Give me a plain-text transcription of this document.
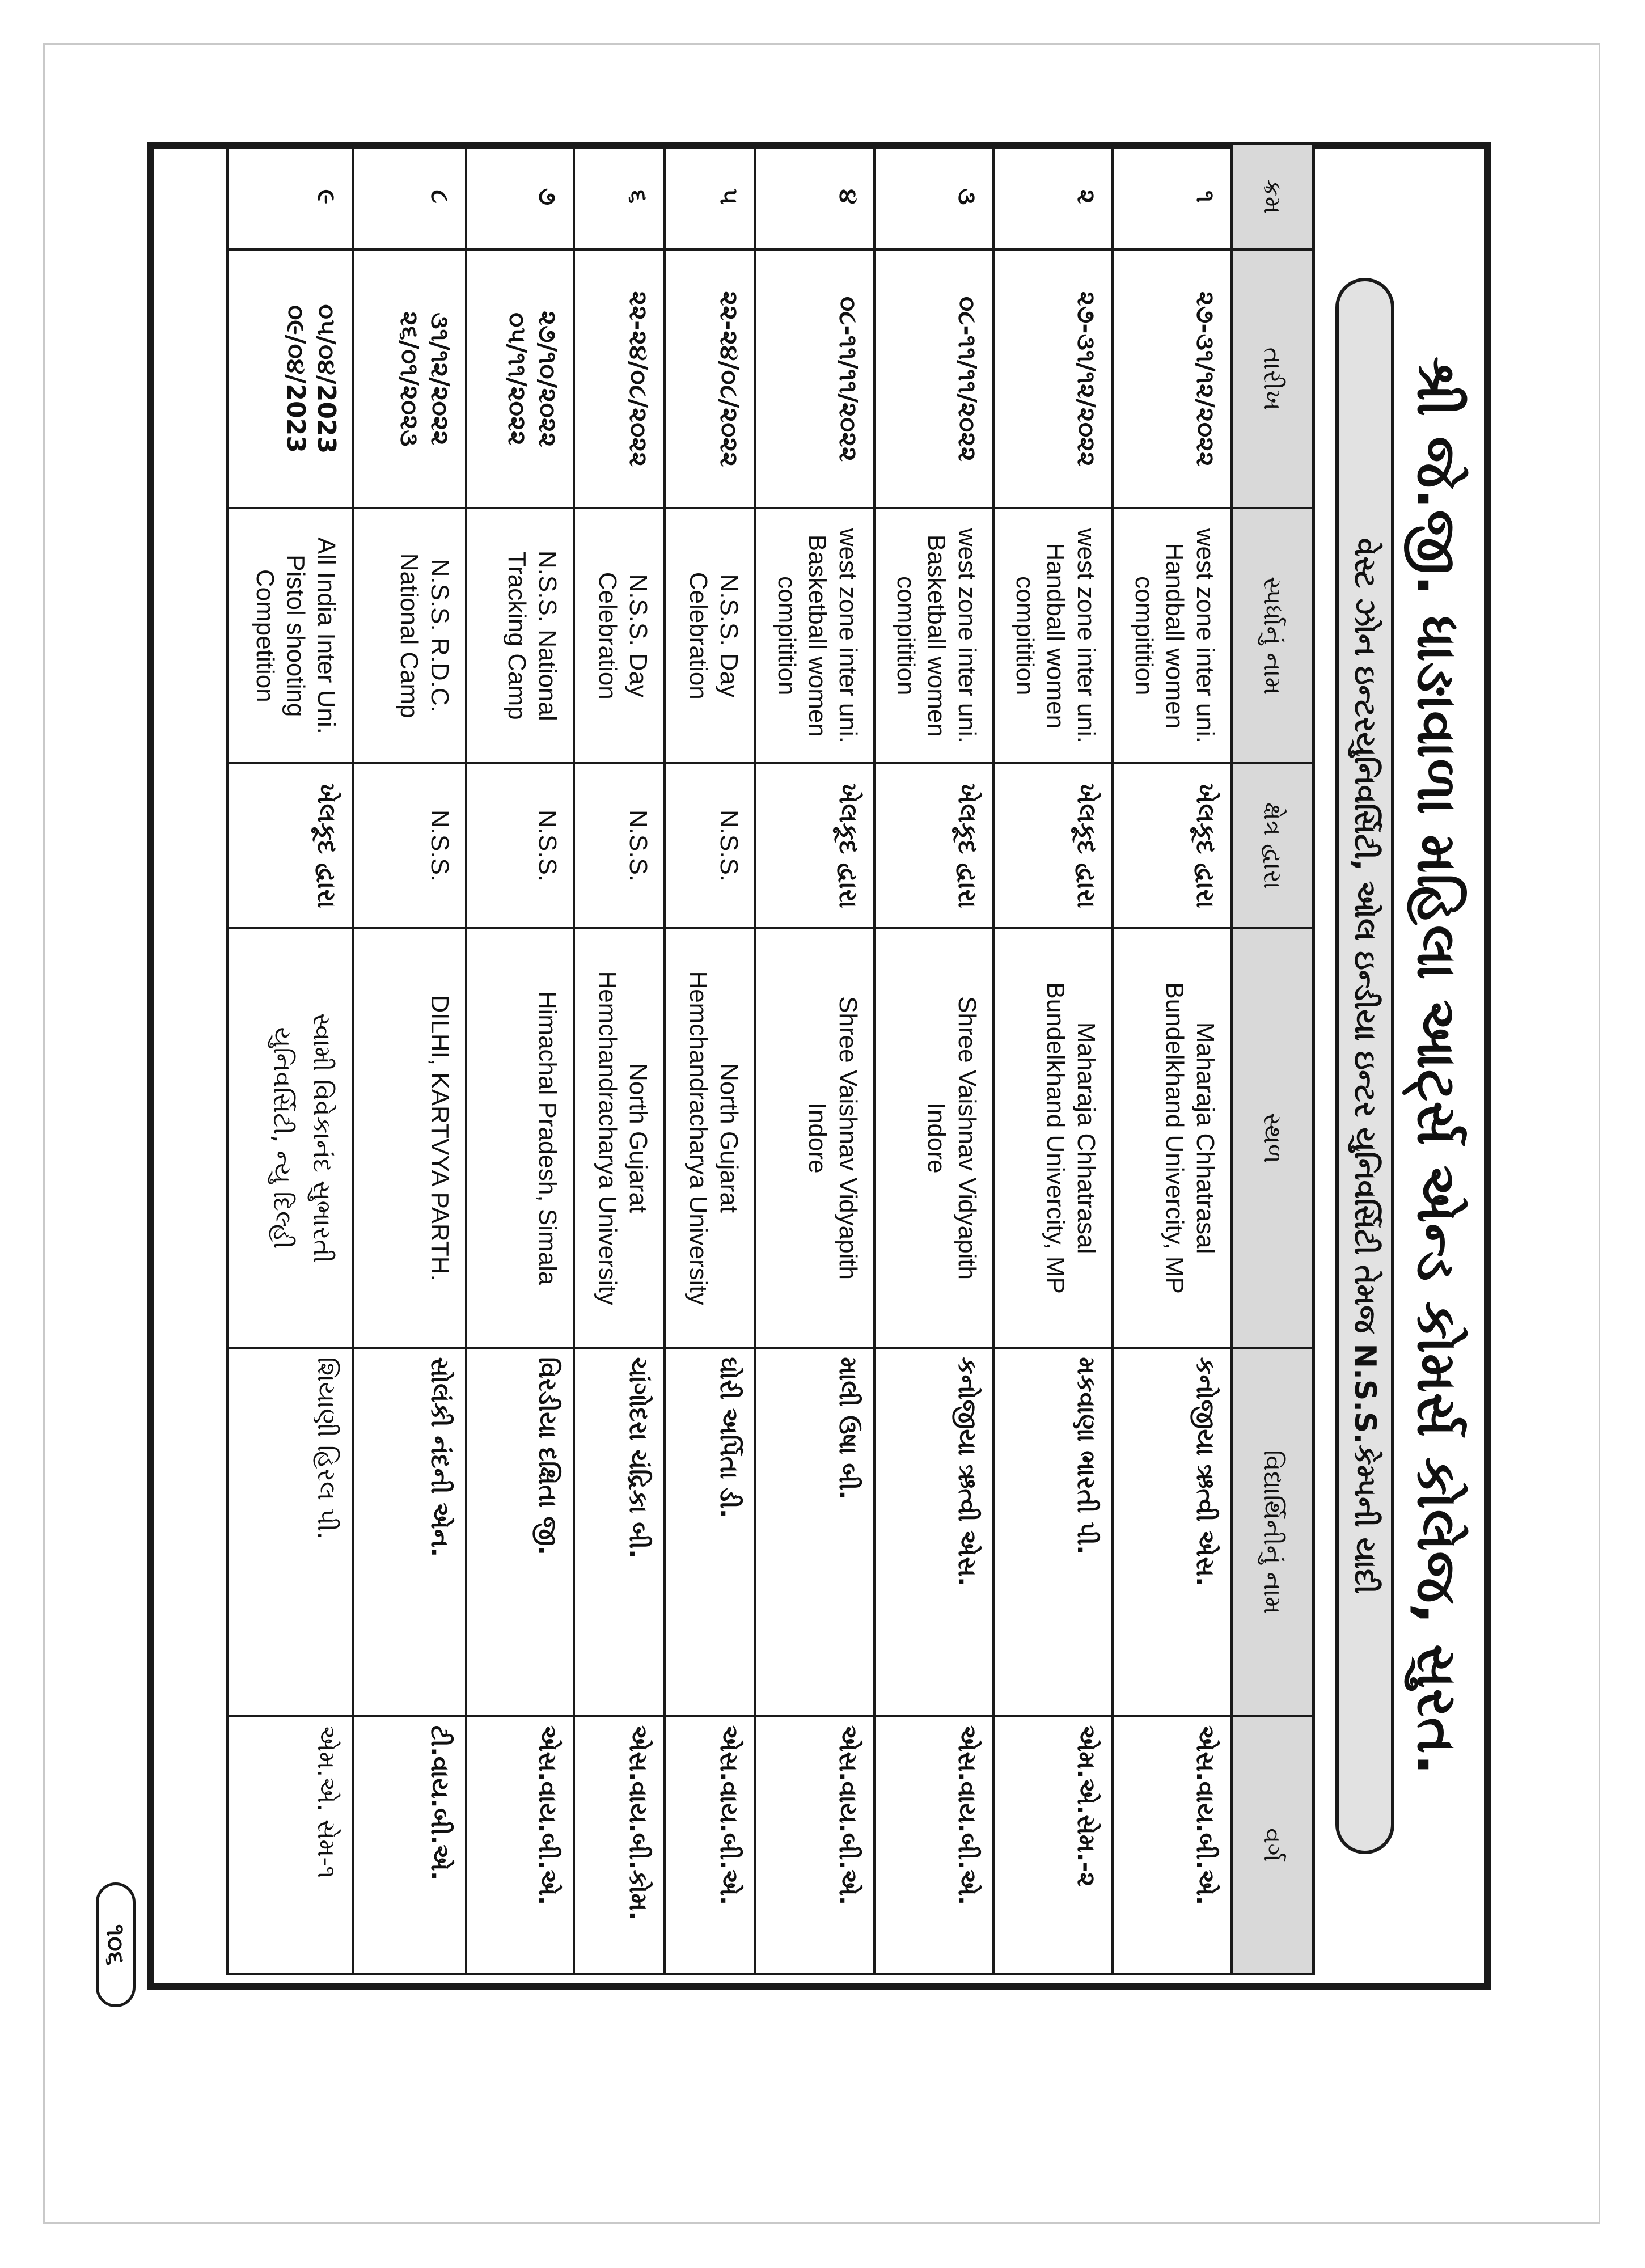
શ્રી જે.જી. ધાઙાવાળા મહિલા આર્ટ્સ એન્ડ કોમર્સ કોલેજ, સુરત.
વેસ્ટ ઝોન ઇન્ટરયુનિવર્સિટી, ઓલ ઇન્ડીયા ઇન્ટર યુનિવર્સિટી તેમજ N.S.S.કેમ્પની યાદી
ક્રમ	તારીખ	સ્પર્ધાનું નામ	ક્ષેત્ર દ્વારા	સ્થળ	વિદ્યાર્થિનીનું નામ	વર્ગ
૧	૨૭-૩૧/૧૨/૨૦૨૨	west zone inter uni.
Handball women
compitition	ખેલકૂદ દ્વારા	Maharaja Chhatrasal
Bundelkhand Univercity, MP	કનોજીયા ઋત્વી એસ.	એસ.વાય.બી.એ.
૨	૨૭-૩૧/૧૨/૨૦૨૨	west zone inter uni.
Handball women
compitition	ખેલકૂદ દ્વારા	Maharaja Chhatrasal
Bundelkhand Univercity, MP	મકવાણા ભારતી પી.	એમ.એ.સેમ.-૨
૩	૦૮-૧૧/૧૧/૨૦૨૨	west zone inter uni.
Basketball women
compitition	ખેલકૂદ દ્વારા	Shree Vaishnav Vidyapith
Indore	કનોજીયા ઋત્વી એસ.	એસ.વાય.બી.એ.
૪	૦૮-૧૧/૧૧/૨૦૨૨	west zone inter uni.
Basketball women
compitition	ખેલકૂદ દ્વારા	Shree Vaishnav Vidyapith
Indore	માલી ઉષા બી.	એસ.વાય.બી.એ.
૫	૨૨-૨૪/૦૮/૨૦૨૨	N.S.S. Day
Celebration	N.S.S.	North Gujarat
Hemchandracharya University	ઘોરી અર્પિતા ડી.	એસ.વાય.બી.એ.
૬	૨૨-૨૪/૦૮/૨૦૨૨	N.S.S. Day
Celebration	N.S.S.	North Gujarat
Hemchandracharya University	ચાંગોદરા ચંદ્રિકા બી.	એસ.વાય.બી.કોમ.
૭	૨૭/૧૦/૨૦૨૨
૦૫/૧૧/૨૦૨૨	N.S.S. National
Tracking Camp	N.S.S.	Himachal Pradesh, Simala	વિરડીયા દક્ષિતા જી.	એસ.વાય.બી.એ.
૮	૩૧/૧૨/૨૦૨૨
૨૬/૦૧/૨૦૨૩	N.S.S. R.D.C.
National Camp	N.S.S.	DILHI, KARTVYA PARTH.	સોલંકી નંદની એન.	ટી.વાય.બી.એ.
૯	૦૫/૦૪/2023
૦૯/૦૪/2023	All India Inter Uni.
Pistol shooting
Competition	ખેલકૂદ દ્વારા	સ્વામી વિવેકાનંદ સુભારતી
યુનિવર્સિટી, ન્યુ દિલ્હી	શિયાણી હિરલ પી.	એમ.એ. સેમ-૧
૧૦૬
